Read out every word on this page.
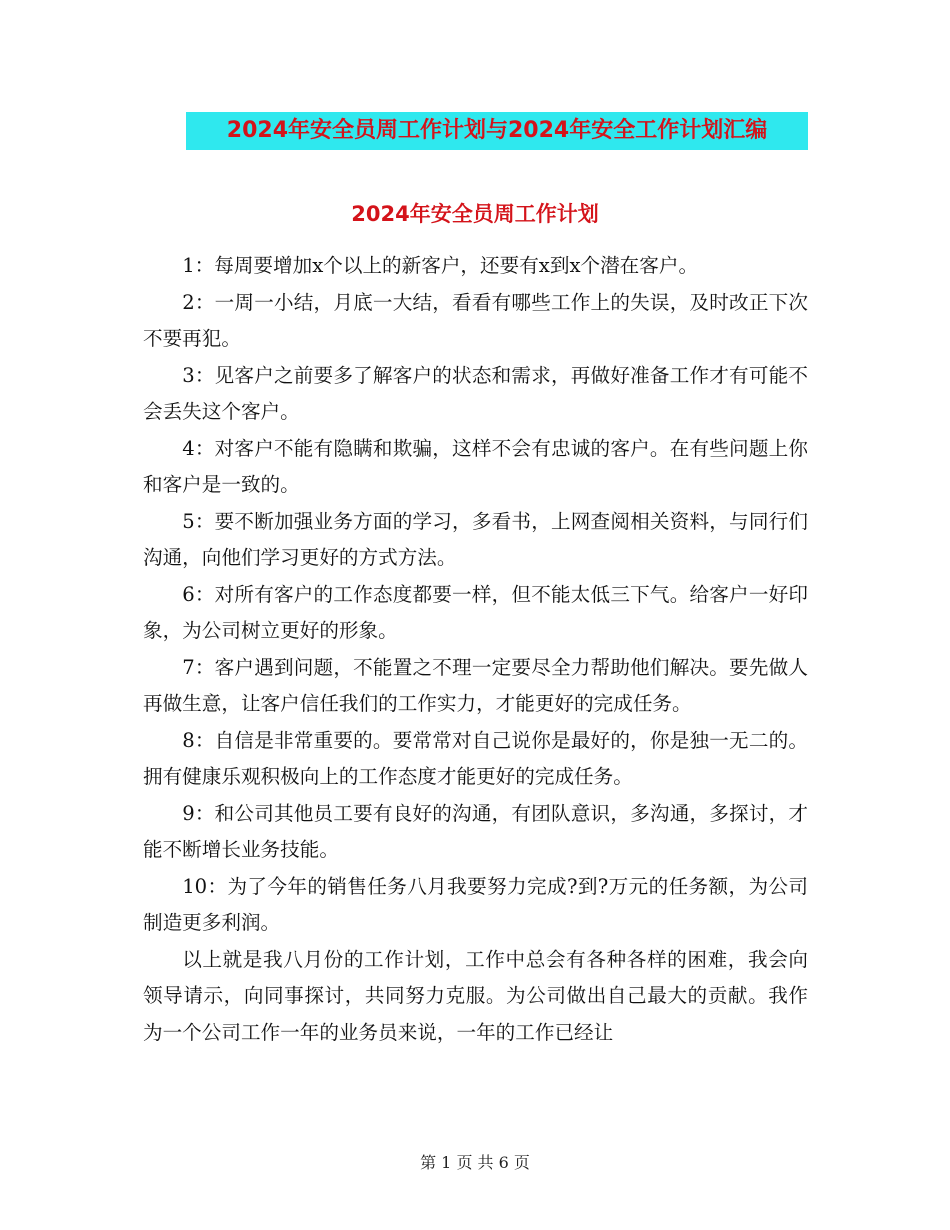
2024年安全员周工作计划与2024年安全工作计划汇编
2024年安全员周工作计划

1：每周要增加x个以上的新客户，还要有x到x个潜在客户。

2：一周一小结，月底一大结，看看有哪些工作上的失误，及时改正下次不要再犯。

3：见客户之前要多了解客户的状态和需求，再做好准备工作才有可能不会丢失这个客户。

4：对客户不能有隐瞒和欺骗，这样不会有忠诚的客户。在有些问题上你和客户是一致的。

5：要不断加强业务方面的学习，多看书，上网查阅相关资料，与同行们沟通，向他们学习更好的方式方法。

6：对所有客户的工作态度都要一样，但不能太低三下气。给客户一好印象，为公司树立更好的形象。

7：客户遇到问题，不能置之不理一定要尽全力帮助他们解决。要先做人再做生意，让客户信任我们的工作实力，才能更好的完成任务。

8：自信是非常重要的。要常常对自己说你是最好的，你是独一无二的。拥有健康乐观积极向上的工作态度才能更好的完成任务。

9：和公司其他员工要有良好的沟通，有团队意识，多沟通，多探讨，才能不断增长业务技能。

10：为了今年的销售任务八月我要努力完成?到?万元的任务额，为公司制造更多利润。

以上就是我八月份的工作计划，工作中总会有各种各样的困难，我会向领导请示，向同事探讨，共同努力克服。为公司做出自己最大的贡献。我作为一个公司工作一年的业务员来说，一年的工作已经让

第 1 页 共 6 页
